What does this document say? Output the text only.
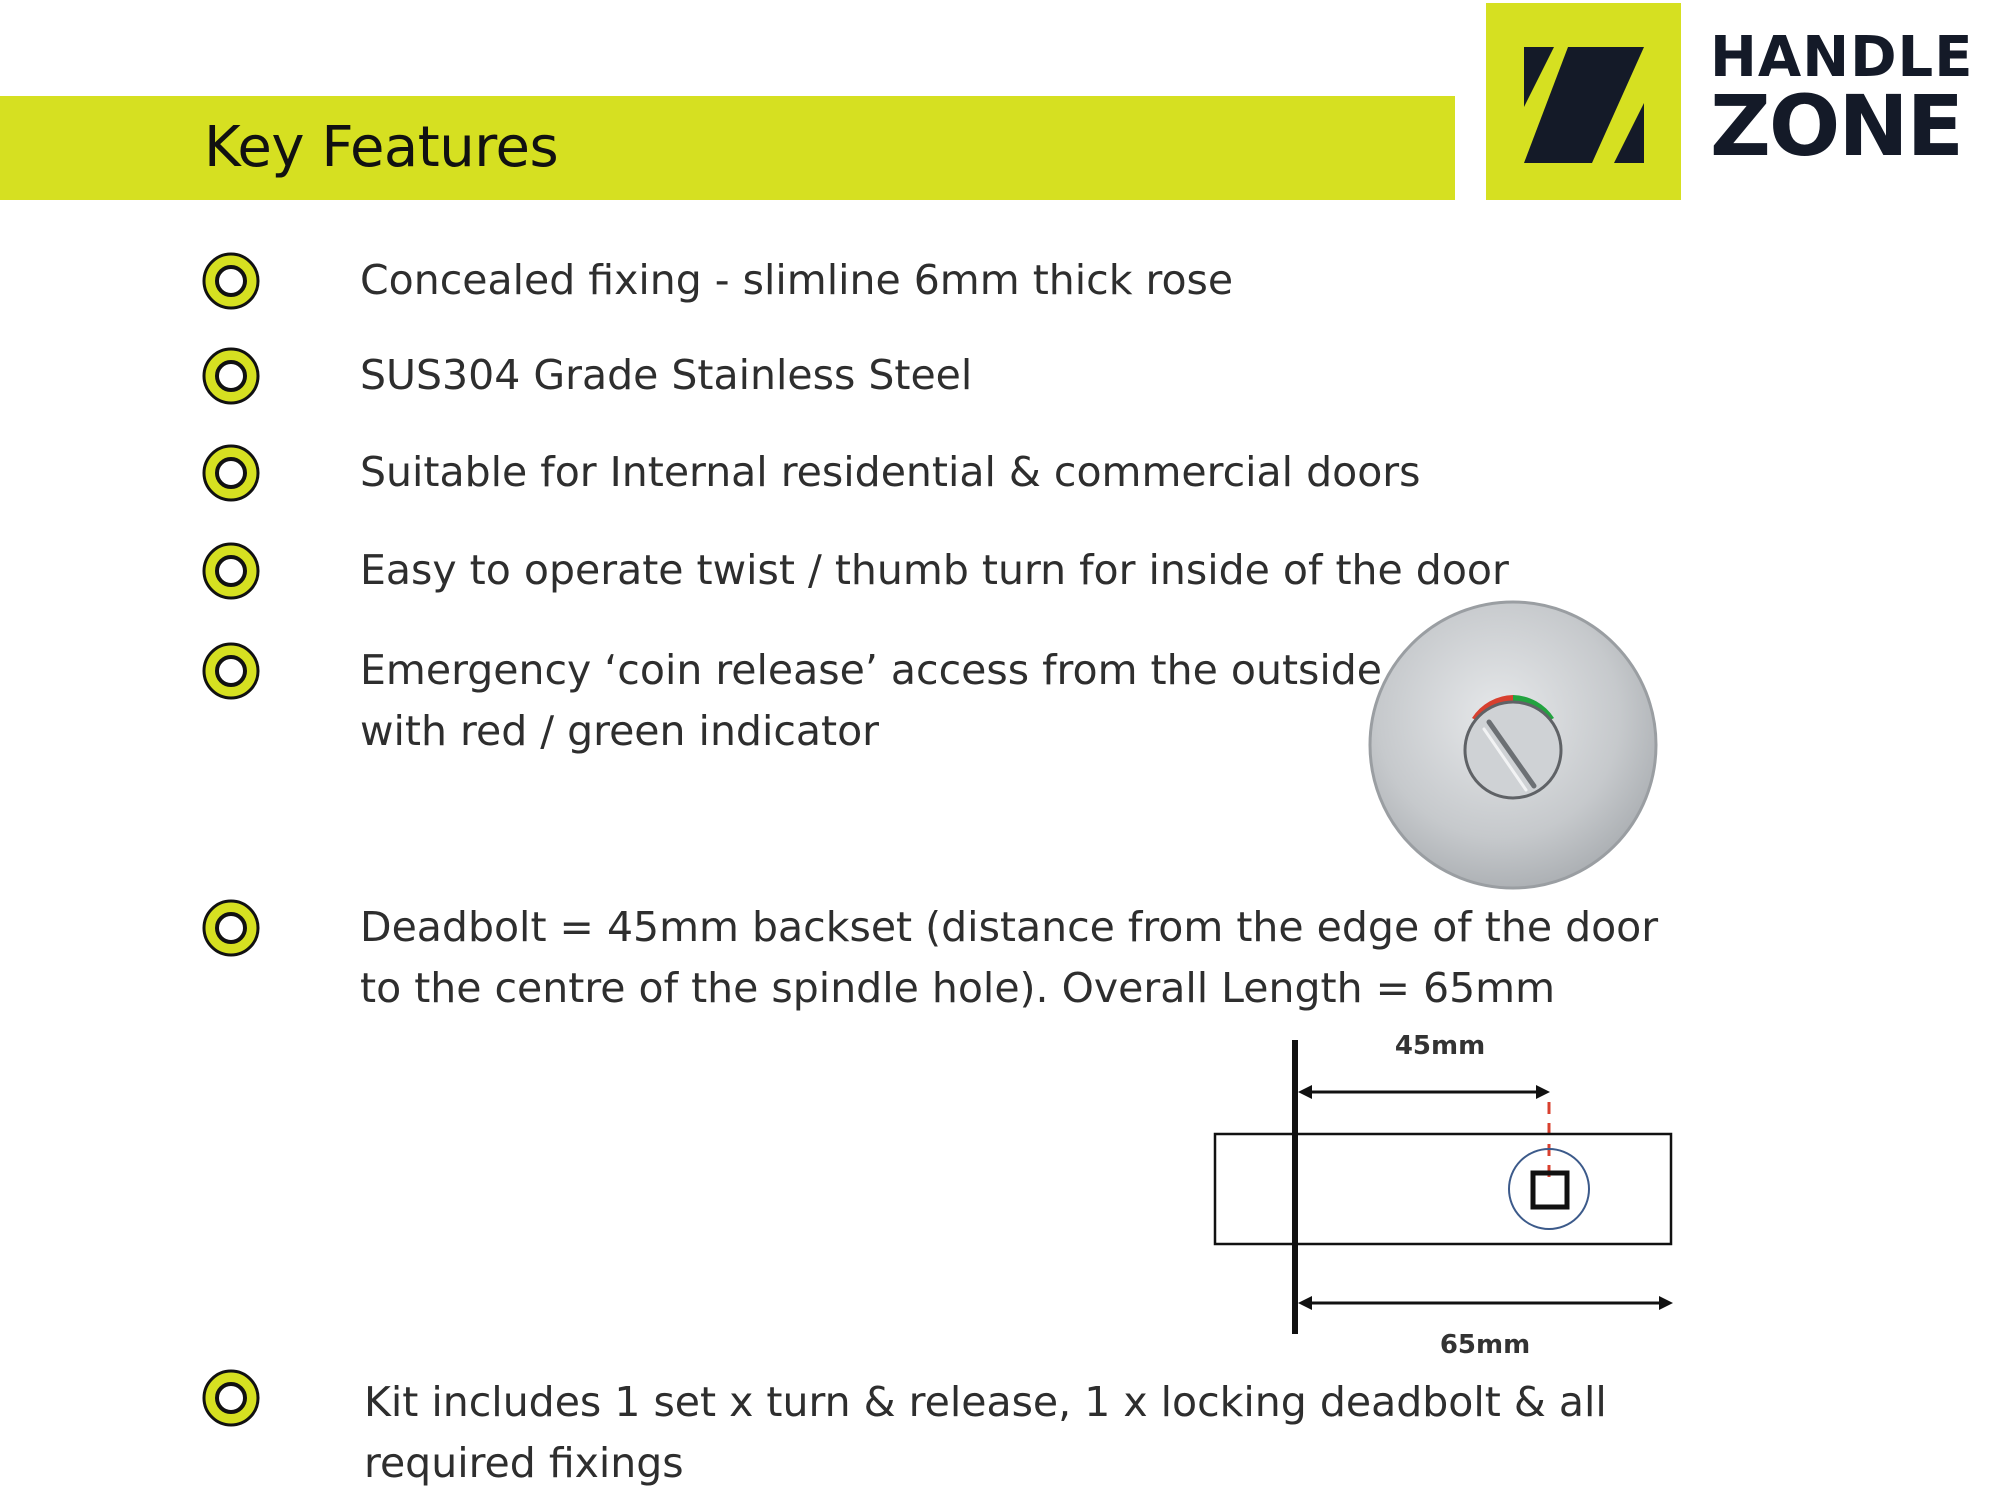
Key Features
HANDLE
ZONE
Concealed fixing - slimline 6mm thick rose
SUS304 Grade Stainless Steel
Suitable for Internal residential & commercial doors
Easy to operate twist / thumb turn for inside of the door
Emergency ‘coin release’ access from the outside
with red / green indicator
Deadbolt = 45mm backset (distance from the edge of the door
to the centre of the spindle hole). Overall Length = 65mm
45mm
65mm
Kit includes 1 set x turn & release, 1 x locking deadbolt & all
required fixings
